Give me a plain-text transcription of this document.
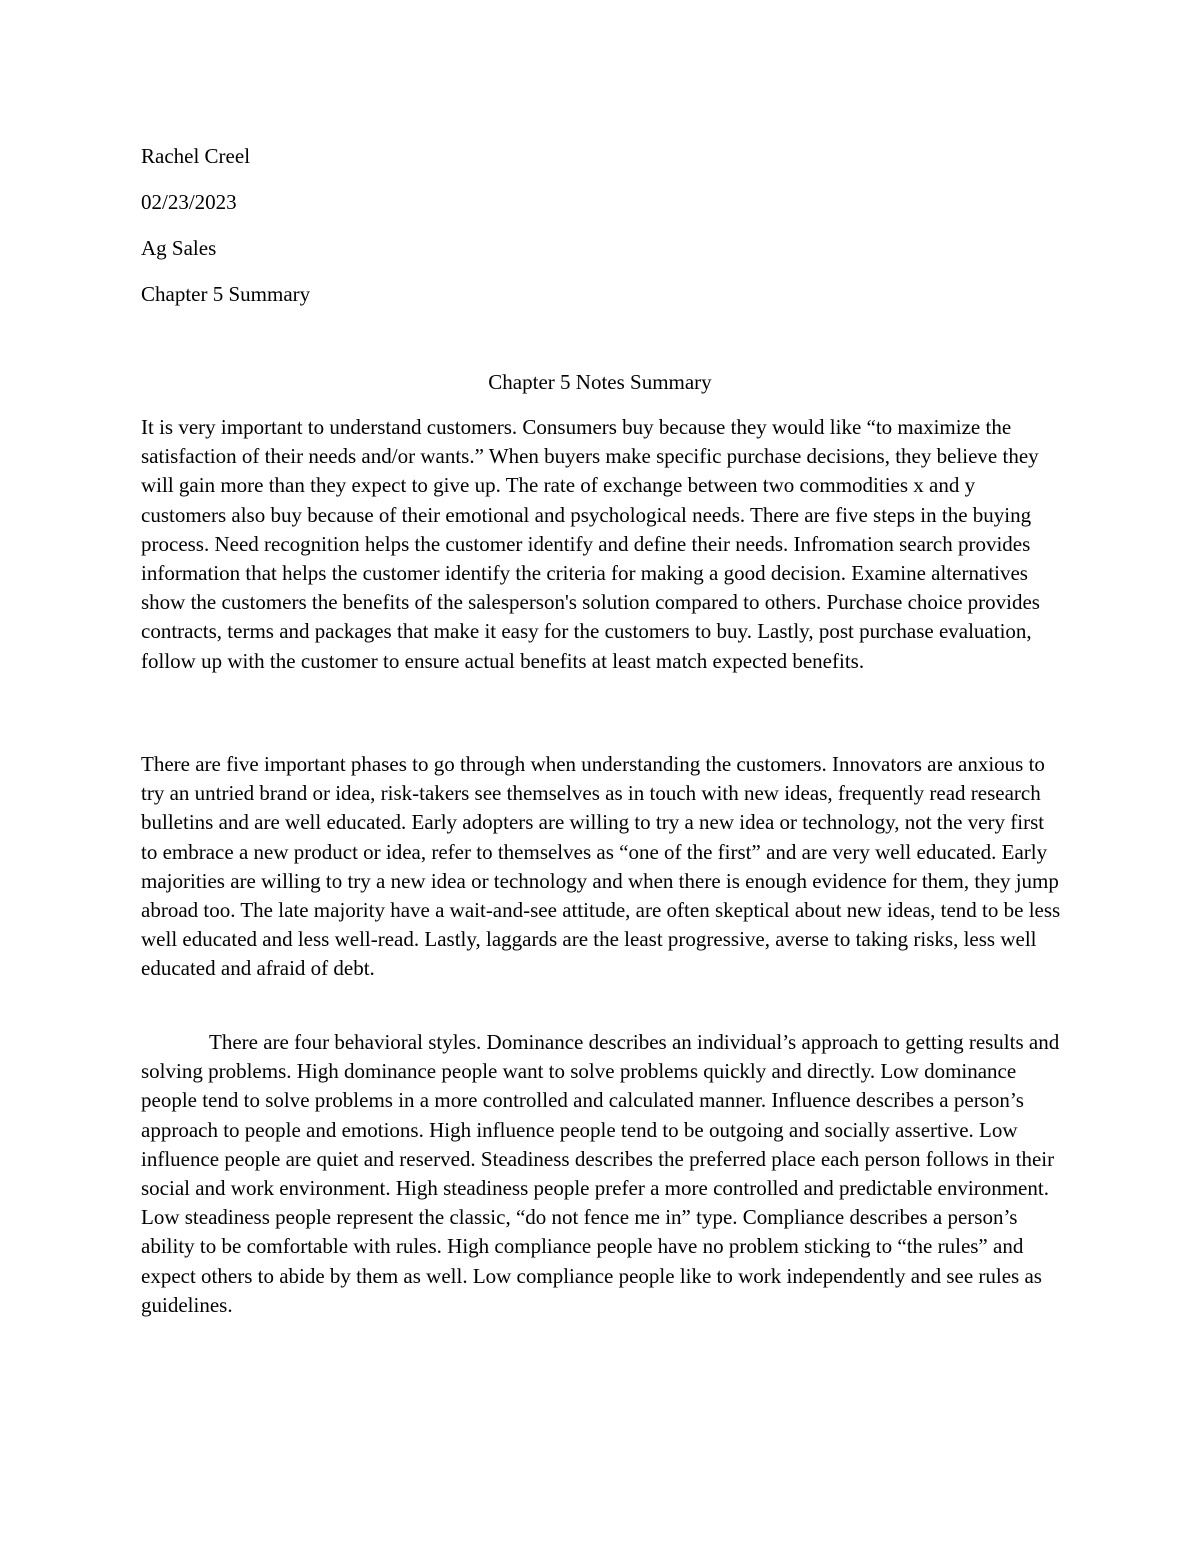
Rachel Creel
02/23/2023
Ag Sales
Chapter 5 Summary
Chapter 5 Notes Summary

It is very important to understand customers. Consumers buy because they would like “to maximize the satisfaction of their needs and/or wants.” When buyers make specific purchase decisions, they believe they will gain more than they expect to give up. The rate of exchange between two commodities x and y customers also buy because of their emotional and psychological needs. There are five steps in the buying process. Need recognition helps the customer identify and define their needs. Infromation search provides information that helps the customer identify the criteria for making a good decision. Examine alternatives show the customers the benefits of the salesperson's solution compared to others. Purchase choice provides contracts, terms and packages that make it easy for the customers to buy. Lastly, post purchase evaluation, follow up with the customer to ensure actual benefits at least match expected benefits.

There are five important phases to go through when understanding the customers. Innovators are anxious to try an untried brand or idea, risk-takers see themselves as in touch with new ideas, frequently read research bulletins and are well educated. Early adopters are willing to try a new idea or technology, not the very first to embrace a new product or idea, refer to themselves as “one of the first” and are very well educated. Early majorities are willing to try a new idea or technology and when there is enough evidence for them, they jump abroad too. The late majority have a wait-and-see attitude, are often skeptical about new ideas, tend to be less well educated and less well-read. Lastly, laggards are the least progressive, averse to taking risks, less well educated and afraid of debt.

There are four behavioral styles. Dominance describes an individual’s approach to getting results and solving problems. High dominance people want to solve problems quickly and directly. Low dominance people tend to solve problems in a more controlled and calculated manner. Influence describes a person’s approach to people and emotions. High influence people tend to be outgoing and socially assertive. Low influence people are quiet and reserved. Steadiness describes the preferred place each person follows in their social and work environment. High steadiness people prefer a more controlled and predictable environment. Low steadiness people represent the classic, “do not fence me in” type. Compliance describes a person’s ability to be comfortable with rules. High compliance people have no problem sticking to “the rules” and expect others to abide by them as well. Low compliance people like to work independently and see rules as guidelines.
